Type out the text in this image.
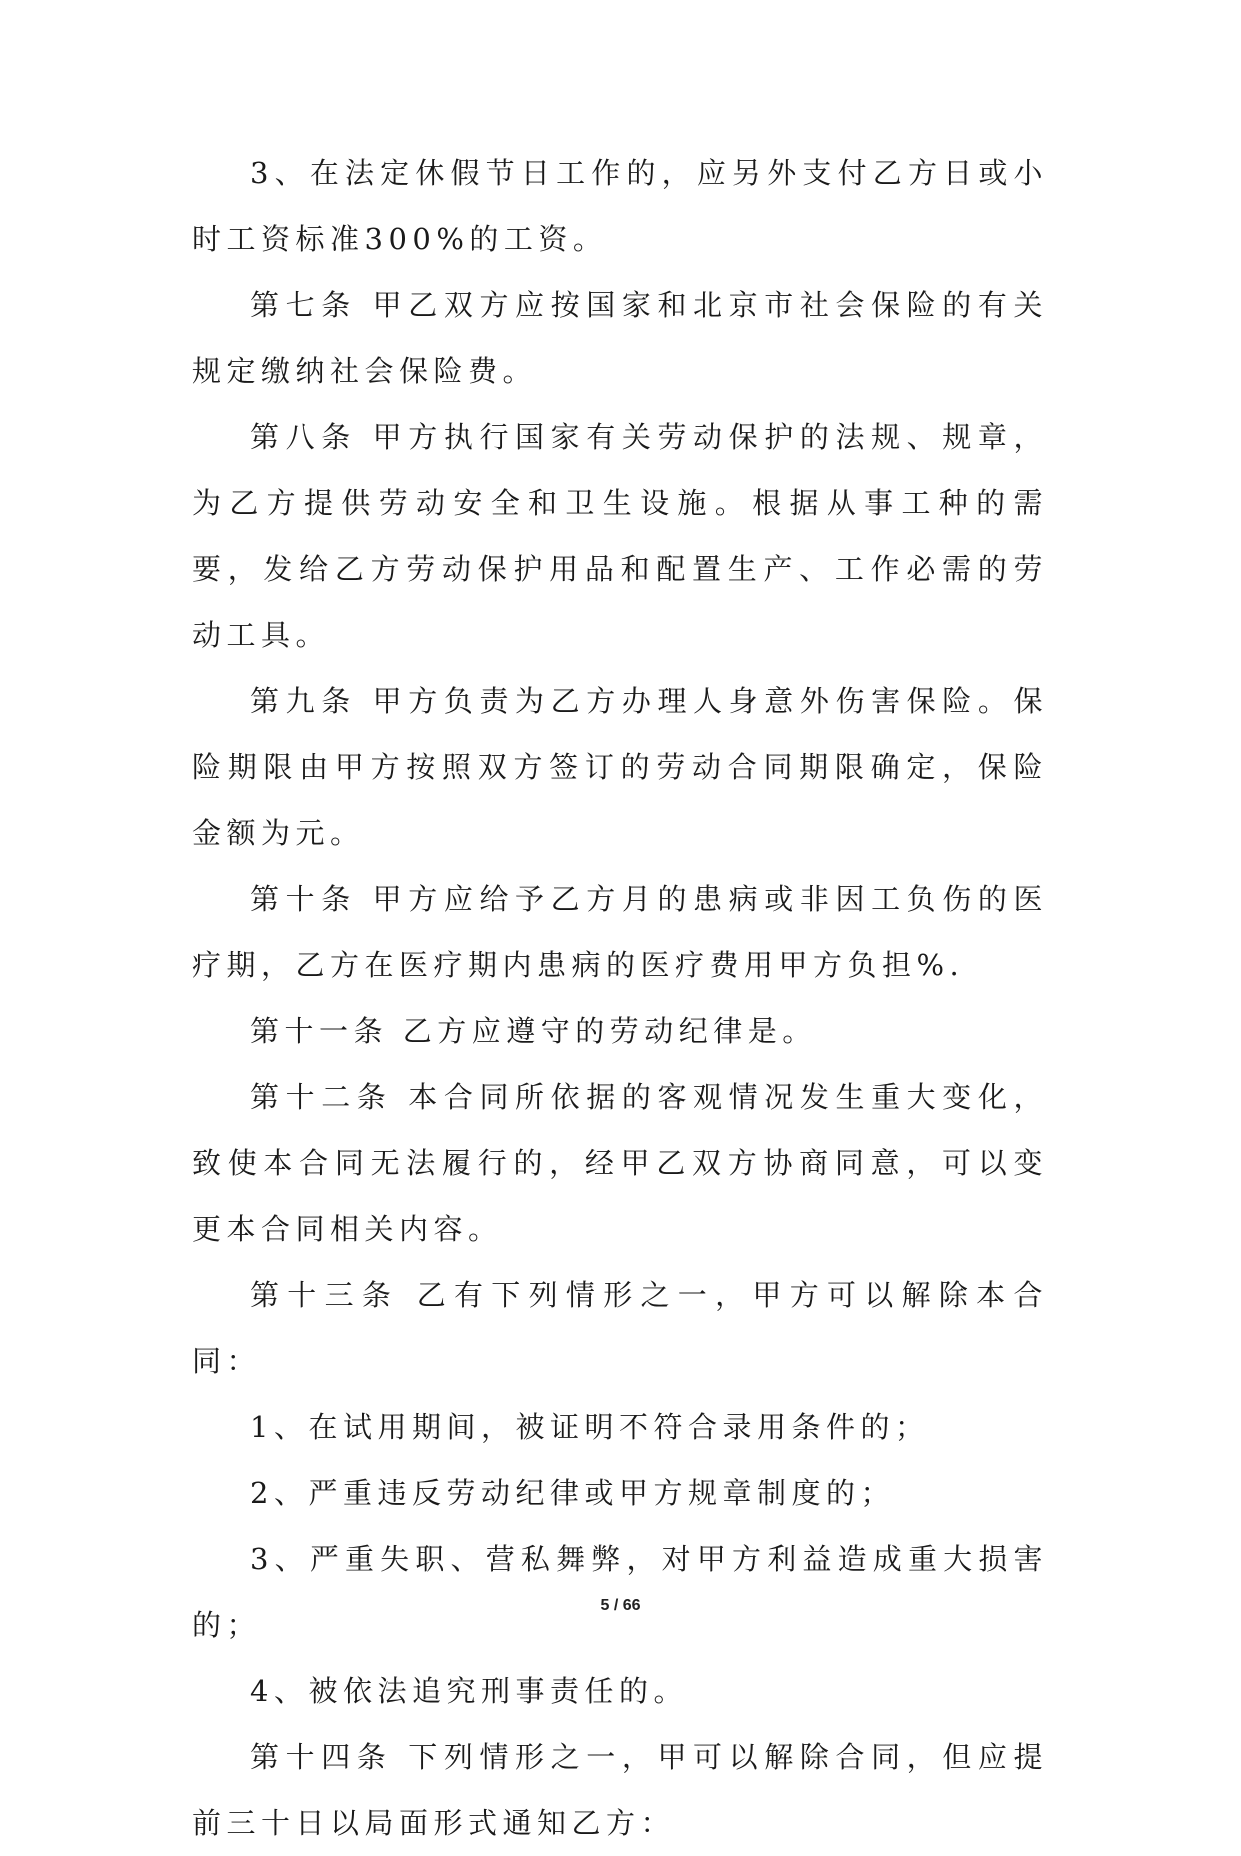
3、在法定休假节日工作的，应另外支付乙方日或小时工资标准300%的工资。

第七条 甲乙双方应按国家和北京市社会保险的有关规定缴纳社会保险费。

第八条 甲方执行国家有关劳动保护的法规、规章，为乙方提供劳动安全和卫生设施。根据从事工种的需要，发给乙方劳动保护用品和配置生产、工作必需的劳动工具。

第九条 甲方负责为乙方办理人身意外伤害保险。保险期限由甲方按照双方签订的劳动合同期限确定，保险金额为元。

第十条 甲方应给予乙方月的患病或非因工负伤的医疗期，乙方在医疗期内患病的医疗费用甲方负担%.

第十一条 乙方应遵守的劳动纪律是。

第十二条 本合同所依据的客观情况发生重大变化，致使本合同无法履行的，经甲乙双方协商同意，可以变更本合同相关内容。

第十三条 乙有下列情形之一，甲方可以解除本合同：

1、在试用期间，被证明不符合录用条件的；

2、严重违反劳动纪律或甲方规章制度的；

3、严重失职、营私舞弊，对甲方利益造成重大损害的；

4、被依法追究刑事责任的。

第十四条 下列情形之一，甲可以解除合同，但应提前三十日以局面形式通知乙方：

5 / 66
